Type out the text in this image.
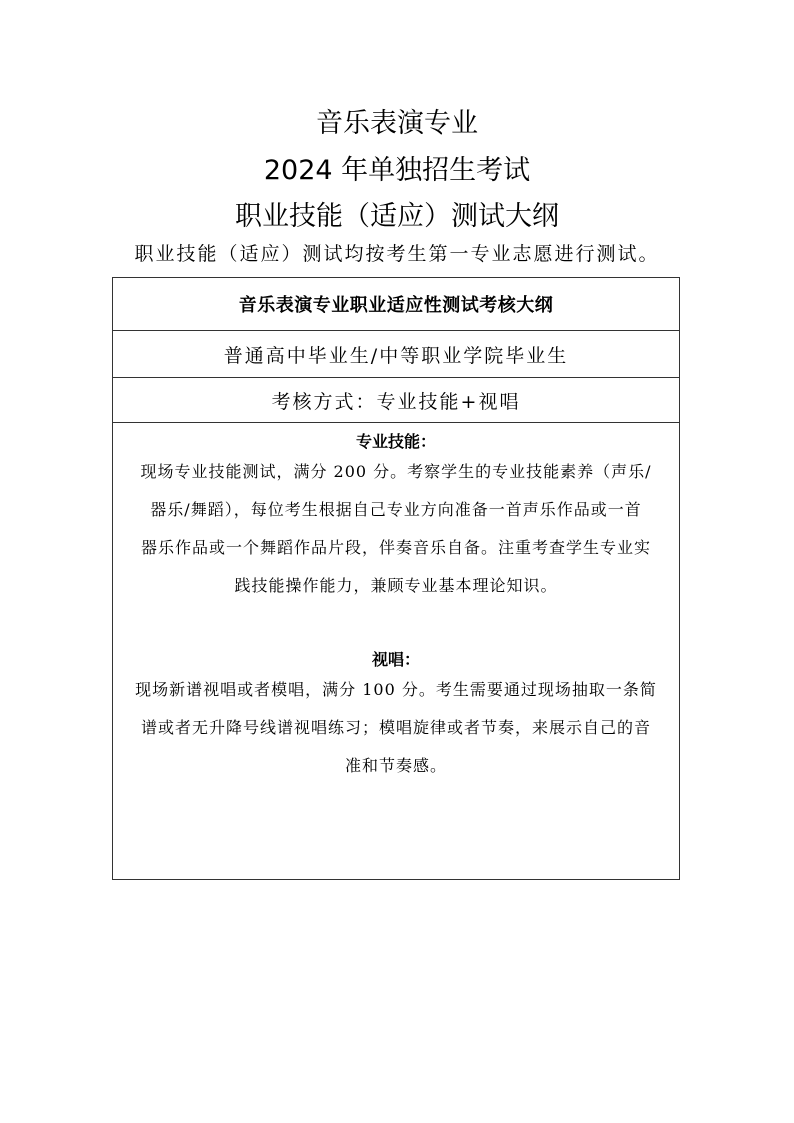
音乐表演专业
2024 年单独招生考试
职业技能（适应）测试大纲
职业技能（适应）测试均按考生第一专业志愿进行测试。
音乐表演专业职业适应性测试考核大纲
普通高中毕业生/中等职业学院毕业生
考核方式：专业技能+视唱
专业技能：

现场专业技能测试，满分 200 分。考察学生的专业技能素养（声乐/

器乐/舞蹈），每位考生根据自己专业方向准备一首声乐作品或一首

器乐作品或一个舞蹈作品片段，伴奏音乐自备。注重考查学生专业实

践技能操作能力，兼顾专业基本理论知识。

视唱：

现场新谱视唱或者模唱，满分 100 分。考生需要通过现场抽取一条简

谱或者无升降号线谱视唱练习；模唱旋律或者节奏，来展示自己的音

准和节奏感。
